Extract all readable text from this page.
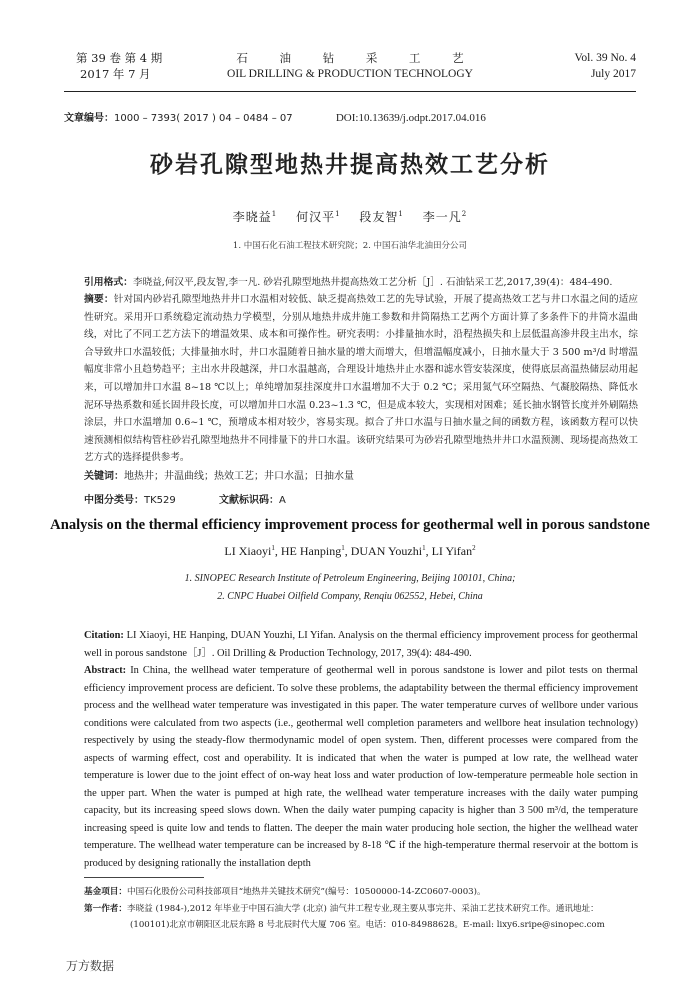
第 39 卷 第 4 期
2017 年 7 月
石 油 钻 采 工 艺
OIL DRILLING & PRODUCTION TECHNOLOGY
Vol. 39 No. 4
July 2017
文章编号：1000 – 7393( 2017 ) 04 – 0484 – 07	DOI:10.13639/j.odpt.2017.04.016
砂岩孔隙型地热井提高热效工艺分析
李晓益$^1$ 何汉平$^1$ 段友智$^1$ 李一凡$^2$
1. 中国石化石油工程技术研究院；2. 中国石油华北油田分公司
引用格式：李晓益,何汉平,段友智,李一凡. 砂岩孔隙型地热井提高热效工艺分析［J］. 石油钻采工艺,2017,39(4)：484-490.
摘要：针对国内砂岩孔隙型地热井井口水温相对较低、缺乏提高热效工艺的先导试验，开展了提高热效工艺与井口水温之间的适应性研究。采用开口系统稳定流动热力学模型，分别从地热井成井施工参数和井筒隔热工艺两个方面计算了多条件下的井筒水温曲线，对比了不同工艺方法下的增温效果、成本和可操作性。研究表明：小排量抽水时，沿程热损失和上层低温高渗井段主出水，综合导致井口水温较低；大排量抽水时，井口水温随着日抽水量的增大而增大，但增温幅度减小，日抽水量大于 3 500 m³/d 时增温幅度非常小且趋势趋平；主出水井段越深，井口水温越高，合理设计地热井止水器和滤水管安装深度，使得底层高温热储层动用起来，可以增加井口水温 8~18 ℃以上；单纯增加泵挂深度井口水温增加不大于 0.2 ℃；采用氮气环空隔热、气凝胶隔热、降低水泥环导热系数和延长固井段长度，可以增加井口水温 0.23~1.3 ℃，但是成本较大，实现相对困难；延长抽水钢管长度并外刷隔热涂层，井口水温增加 0.6~1 ℃，预增成本相对较少，容易实现。拟合了井口水温与日抽水量之间的函数方程，该函数方程可以快速预测相似结构管柱砂岩孔隙型地热井不同排量下的井口水温。该研究结果可为砂岩孔隙型地热井井口水温预测、现场提高热效工艺方式的选择提供参考。
关键词：地热井；井温曲线；热效工艺；井口水温；日抽水量
中图分类号：TK529	文献标识码：A
Analysis on the thermal efficiency improvement process for geothermal well in porous sandstone
LI Xiaoyi$^1$, HE Hanping$^1$, DUAN Youzhi$^1$, LI Yifan$^2$
1. SINOPEC Research Institute of Petroleum Engineering, Beijing 100101, China;
2. CNPC Huabei Oilfield Company, Renqiu 062552, Hebei, China
Citation: LI Xiaoyi, HE Hanping, DUAN Youzhi, LI Yifan. Analysis on the thermal efficiency improvement process for geothermal well in porous sandstone［J］. Oil Drilling & Production Technology, 2017, 39(4): 484-490.
Abstract: In China, the wellhead water temperature of geothermal well in porous sandstone is lower and pilot tests on thermal efficiency improvement process are deficient. To solve these problems, the adaptability between the thermal efficiency improvement process and the wellhead water temperature was investigated in this paper. The water temperature curves of wellbore under various conditions were calculated from two aspects (i.e., geothermal well completion parameters and wellbore heat insulation technology) respectively by using the steady-flow thermodynamic model of open system. Then, different processes were compared from the aspects of warming effect, cost and operability. It is indicated that when the water is pumped at low rate, the wellhead water temperature is lower due to the joint effect of on-way heat loss and water production of low-temperature permeable hole section in the upper part. When the water is pumped at high rate, the wellhead water temperature increases with the daily water pumping capacity, but its increasing speed slows down. When the daily water pumping capacity is higher than 3 500 m³/d, the temperature increasing speed is quite low and tends to flatten. The deeper the main water producing hole section, the higher the wellhead water temperature. The wellhead water temperature can be increased by 8-18 ℃ if the high-temperature thermal reservoir at the bottom is produced by designing rationally the installation depth
基金项目：中国石化股份公司科技部项目“地热井关键技术研究”(编号：10500000-14-ZC0607-0003)。
第一作者：李晓益 (1984-),2012 年毕业于中国石油大学 (北京) 油气井工程专业,现主要从事完井、采油工艺技术研究工作。通讯地址：
(100101)北京市朝阳区北辰东路 8 号北辰时代大厦 706 室。电话：010-84988628。E-mail: lixy6.sripe@sinopec.com
万方数据
